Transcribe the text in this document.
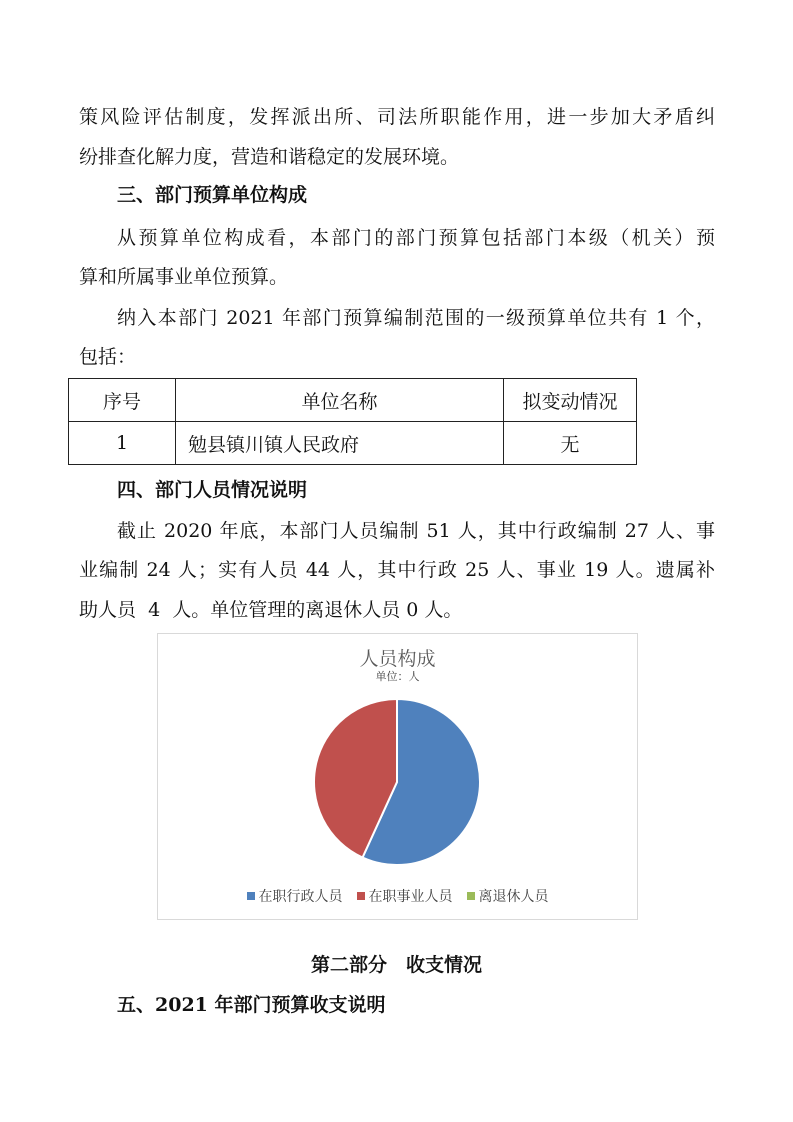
策风险评估制度，发挥派出所、司法所职能作用，进一步加大矛盾纠
纷排查化解力度，营造和谐稳定的发展环境。
三、部门预算单位构成
从预算单位构成看，本部门的部门预算包括部门本级（机关）预
算和所属事业单位预算。
纳入本部门 2021 年部门预算编制范围的一级预算单位共有 1 个，
包括：
序号	单位名称	拟变动情况
1	勉县镇川镇人民政府	无
四、部门人员情况说明
截止 2020 年底，本部门人员编制 51 人，其中行政编制 27 人、事
业编制 24 人；实有人员 44 人，其中行政 25 人、事业 19 人。遗属补
助人员  4  人。单位管理的离退休人员 0 人。
人员构成
单位：人
在职行政人员 在职事业人员 离退休人员
第二部分　收支情况
五、2021 年部门预算收支说明
